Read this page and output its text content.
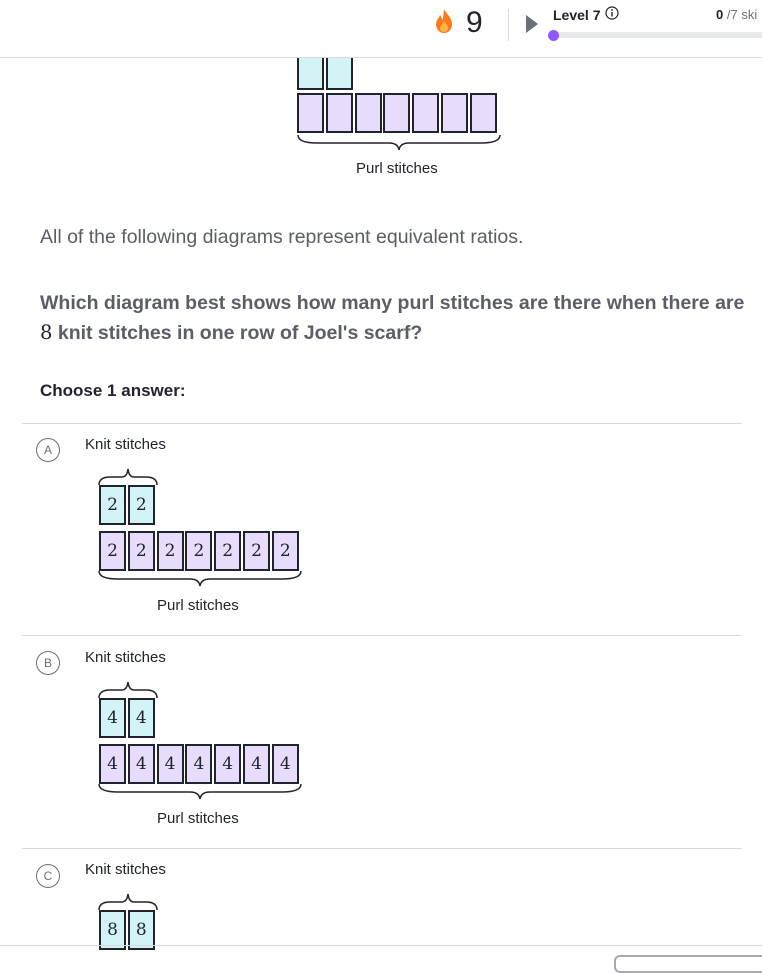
9	Level 7	0 /7 ski
Purl stitches
All of the following diagrams represent equivalent ratios.
Which diagram best shows how many purl stitches are there when there are 8 knit stitches in one row of Joel's scarf?
Choose 1 answer:
A	Knit stitches
2	2
2	2	2	2	2	2	2
Purl stitches
B	Knit stitches
4	4
4	4	4	4	4	4	4
Purl stitches
C	Knit stitches
8	8
